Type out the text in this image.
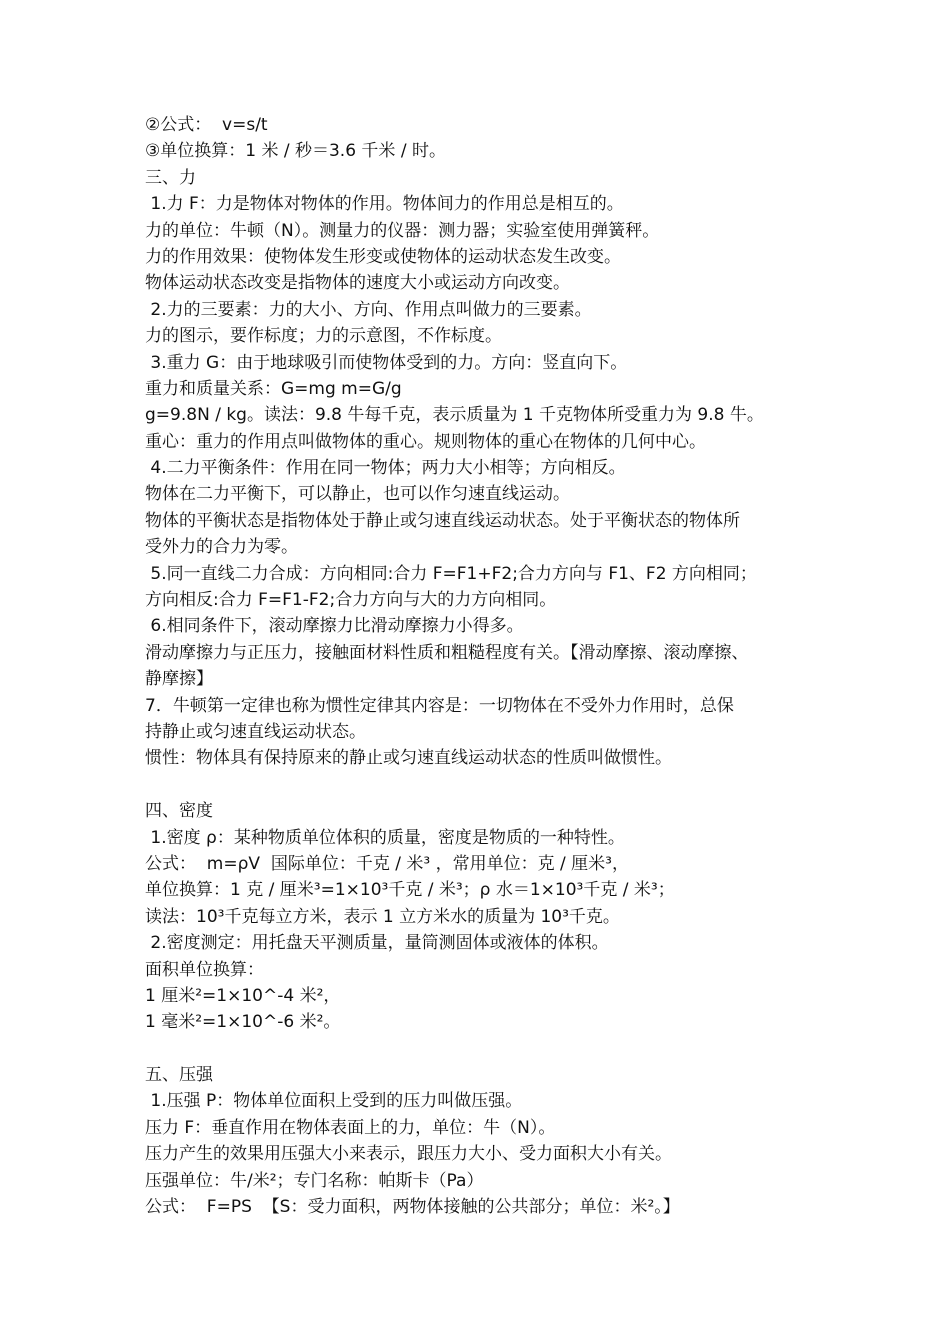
②公式：  v=s/t
③单位换算：1 米 / 秒＝3.6 千米 / 时。
三、力
1.力 F：力是物体对物体的作用。物体间力的作用总是相互的。
力的单位：牛顿（N）。测量力的仪器：测力器；实验室使用弹簧秤。
力的作用效果：使物体发生形变或使物体的运动状态发生改变。
物体运动状态改变是指物体的速度大小或运动方向改变。
2.力的三要素：力的大小、方向、作用点叫做力的三要素。
力的图示，要作标度；力的示意图，不作标度。
3.重力 G：由于地球吸引而使物体受到的力。方向：竖直向下。
重力和质量关系：G=mg m=G/g
g=9.8N / kg。读法：9.8 牛每千克，表示质量为 1 千克物体所受重力为 9.8 牛。
重心：重力的作用点叫做物体的重心。规则物体的重心在物体的几何中心。
4.二力平衡条件：作用在同一物体；两力大小相等；方向相反。
物体在二力平衡下，可以静止，也可以作匀速直线运动。
物体的平衡状态是指物体处于静止或匀速直线运动状态。处于平衡状态的物体所
受外力的合力为零。
5.同一直线二力合成：方向相同:合力 F=F1+F2;合力方向与 F1、F2 方向相同；
方向相反:合力 F=F1-F2;合力方向与大的力方向相同。
6.相同条件下，滚动摩擦力比滑动摩擦力小得多。
滑动摩擦力与正压力，接触面材料性质和粗糙程度有关。【滑动摩擦、滚动摩擦、
静摩擦】
7．牛顿第一定律也称为惯性定律其内容是：一切物体在不受外力作用时，总保
持静止或匀速直线运动状态。
惯性：物体具有保持原来的静止或匀速直线运动状态的性质叫做惯性。
四、密度
1.密度 ρ：某种物质单位体积的质量，密度是物质的一种特性。
公式：  m=ρV  国际单位：千克 / 米³ ，常用单位：克 / 厘米³，
单位换算：1 克 / 厘米³=1×10³千克 / 米³；ρ 水＝1×10³千克 / 米³；
读法：10³千克每立方米，表示 1 立方米水的质量为 10³千克。
2.密度测定：用托盘天平测质量，量筒测固体或液体的体积。
面积单位换算：
1 厘米²=1×10^-4 米²，
1 毫米²=1×10^-6 米²。
五、压强
1.压强 P：物体单位面积上受到的压力叫做压强。
压力 F：垂直作用在物体表面上的力，单位：牛（N）。
压力产生的效果用压强大小来表示，跟压力大小、受力面积大小有关。
压强单位：牛/米²；专门名称：帕斯卡（Pa）
公式：  F=PS  【S：受力面积，两物体接触的公共部分；单位：米²。】
